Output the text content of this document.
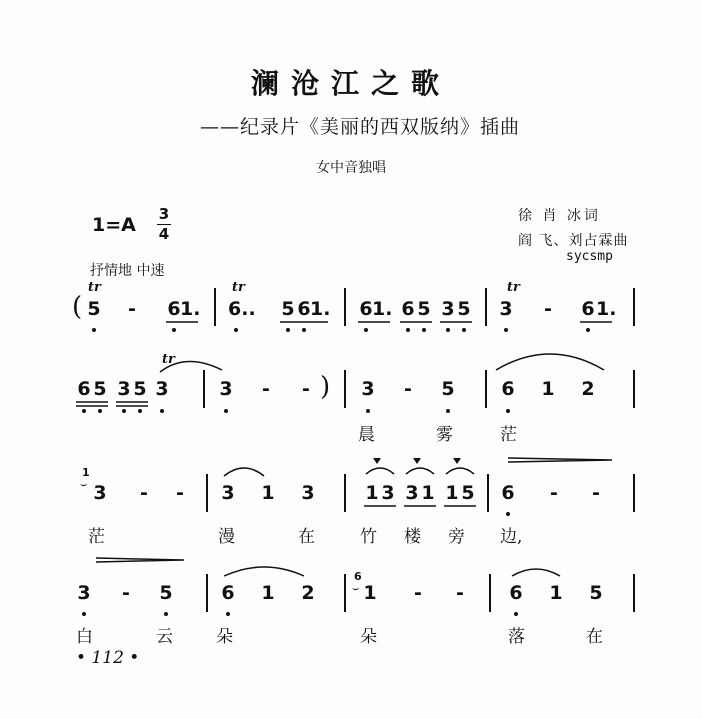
澜沧江之歌
——纪录片《美丽的西双版纳》插曲
女中音独唱
1=A 3
4
徐 肖 冰词
阎 飞、刘占霖曲
sycsmp
抒情地 中速
tr	tr	tr
tr
( 5 - 6 1. 6.. 5 6 1. 6 1. 6 5 3 5 3 - 6 1.
6 5 3 5 3	3 - - ) 3 - 5 6 1 2
晨	雾	茫
1
⌣ 3 - - 3 1 3	1 3 3 1 1 5 6 - -
茫	漫	在	竹 楼 旁 边,
3 - 5	6 1 2
6
⌣ 1 - - 6 1 5
白	云	朵	朵	落	在
• 112 •
